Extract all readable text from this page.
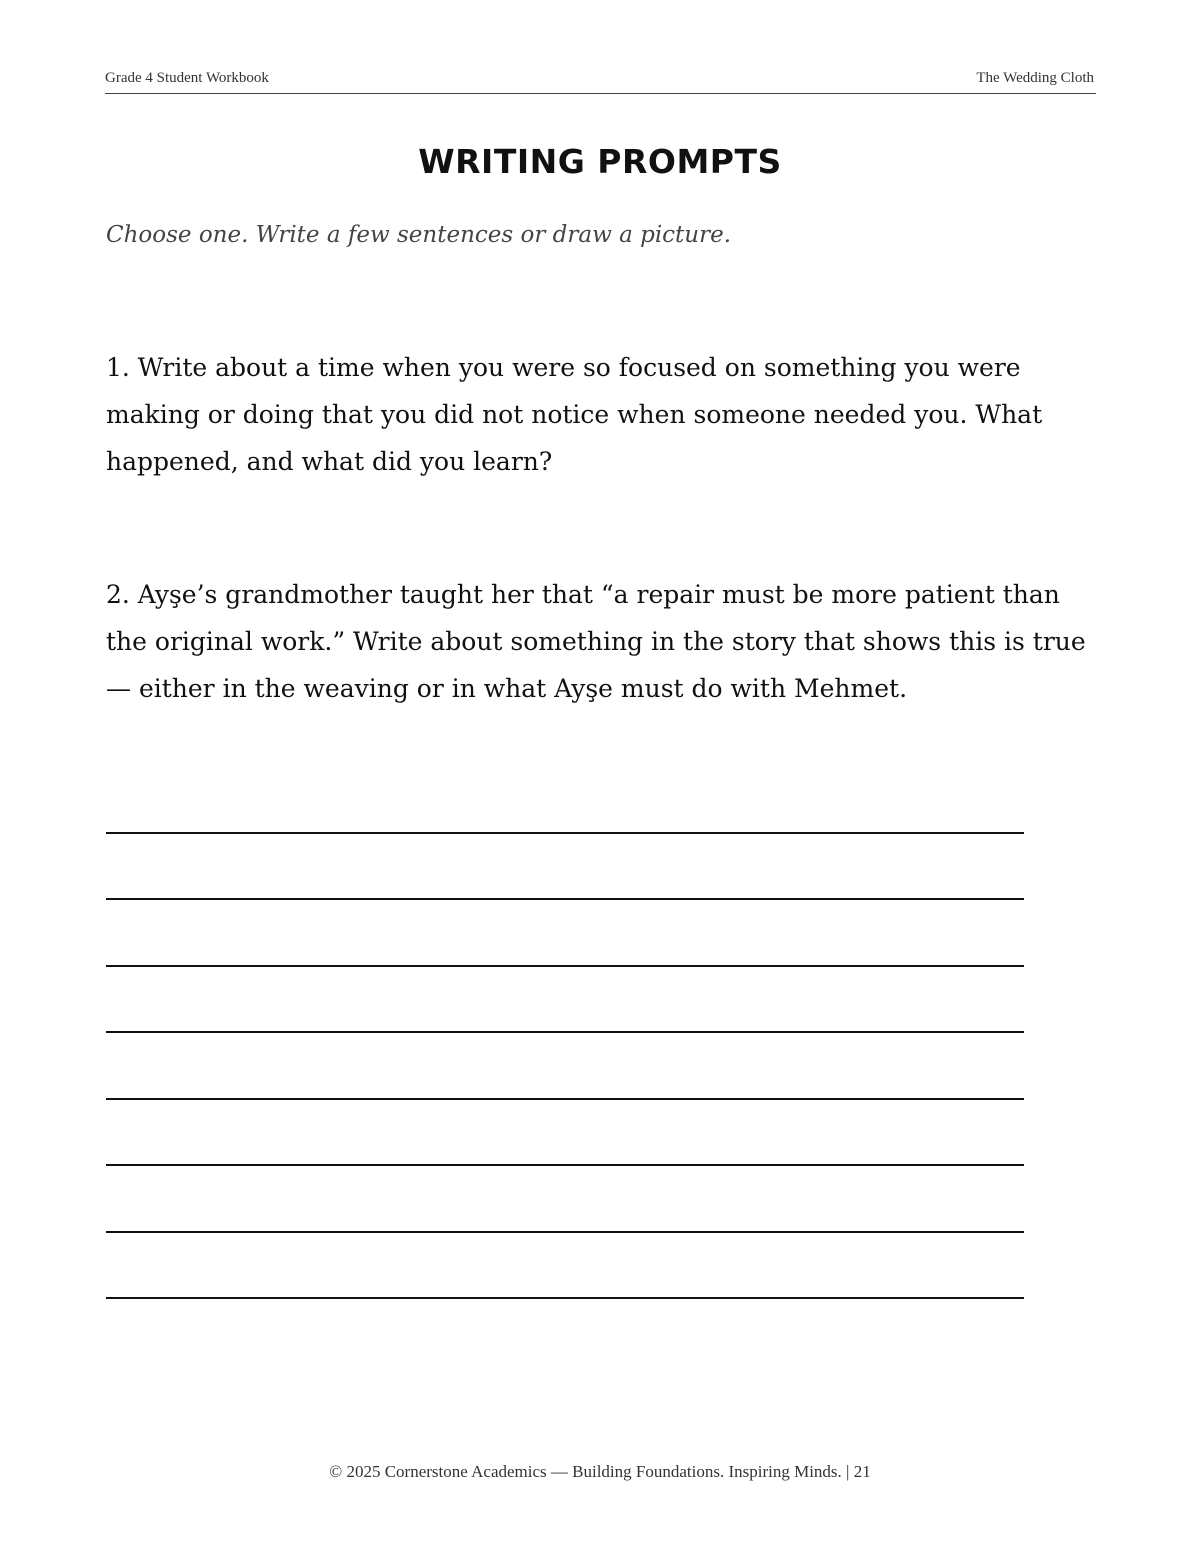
Grade 4 Student Workbook	The Wedding Cloth
WRITING PROMPTS
Choose one. Write a few sentences or draw a picture.

1. Write about a time when you were so focused on something you were making or doing that you did not notice when someone needed you. What happened, and what did you learn?

2. Ayşe’s grandmother taught her that “a repair must be more patient than the original work.” Write about something in the story that shows this is true — either in the weaving or in what Ayşe must do with Mehmet.

© 2025 Cornerstone Academics — Building Foundations. Inspiring Minds. | 21
